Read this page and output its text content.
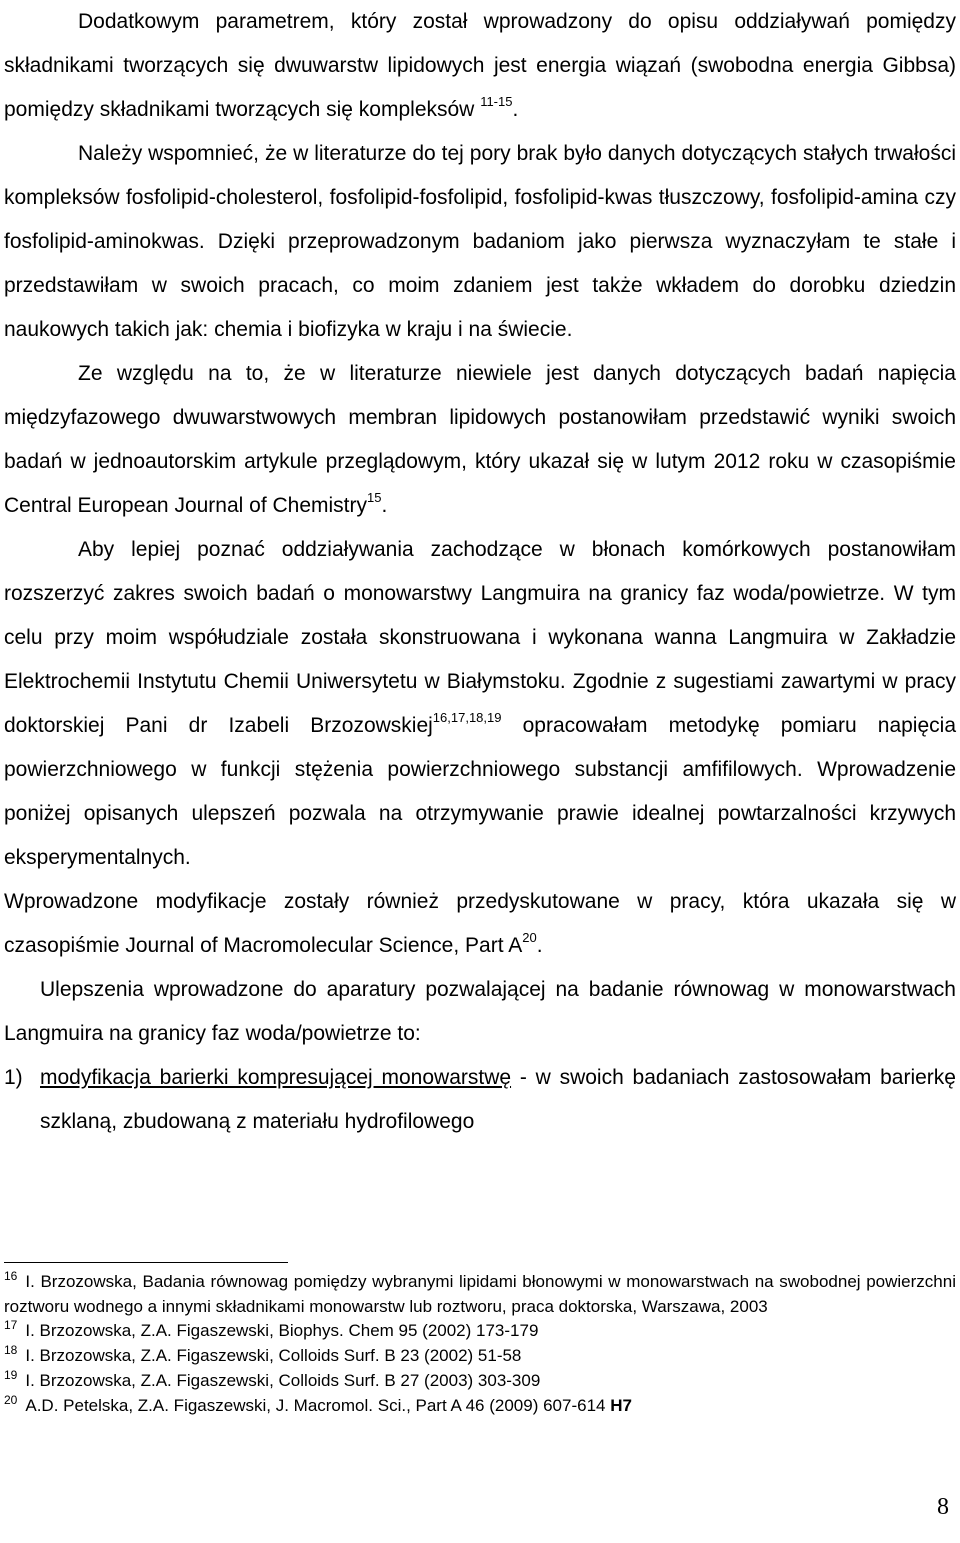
Dodatkowym parametrem, który został wprowadzony do opisu oddziaływań pomiędzy składnikami tworzących się dwuwarstw lipidowych jest energia wiązań (swobodna energia Gibbsa) pomiędzy składnikami tworzących się kompleksów $^{11-15}$.

Należy wspomnieć, że w literaturze do tej pory brak było danych dotyczących stałych trwałości kompleksów fosfolipid-cholesterol, fosfolipid-fosfolipid, fosfolipid-kwas tłuszczowy, fosfolipid-amina czy fosfolipid-aminokwas. Dzięki przeprowadzonym badaniom jako pierwsza wyznaczyłam te stałe i przedstawiłam w swoich pracach, co moim zdaniem jest także wkładem do dorobku dziedzin naukowych takich jak: chemia i biofizyka w kraju i na świecie.

Ze względu na to, że w literaturze niewiele jest danych dotyczących badań napięcia międzyfazowego dwuwarstwowych membran lipidowych postanowiłam przedstawić wyniki swoich badań w jednoautorskim artykule przeglądowym, który ukazał się w lutym 2012 roku w czasopiśmie Central European Journal of Chemistry$^{15}$.

Aby lepiej poznać oddziaływania zachodzące w błonach komórkowych postanowiłam rozszerzyć zakres swoich badań o monowarstwy Langmuira na granicy faz woda/powietrze. W tym celu przy moim współudziale została skonstruowana i wykonana wanna Langmuira w Zakładzie Elektrochemii Instytutu Chemii Uniwersytetu w Białymstoku. Zgodnie z sugestiami zawartymi w pracy doktorskiej Pani dr Izabeli Brzozowskiej$^{16,17,18,19}$ opracowałam metodykę pomiaru napięcia powierzchniowego w funkcji stężenia powierzchniowego substancji amfifilowych. Wprowadzenie poniżej opisanych ulepszeń pozwala na otrzymywanie prawie idealnej powtarzalności krzywych eksperymentalnych.

Wprowadzone modyfikacje zostały również przedyskutowane w pracy, która ukazała się w czasopiśmie Journal of Macromolecular Science, Part $A^{20}$.

Ulepszenia wprowadzone do aparatury pozwalającej na badanie równowag w monowarstwach Langmuira na granicy faz woda/powietrze to:

1) modyfikacja barierki kompresującej monowarstwę - w swoich badaniach zastosowałam barierkę szklaną, zbudowaną z materiału hydrofilowego

$^{16}$ I. Brzozowska, Badania równowag pomiędzy wybranymi lipidami błonowymi w monowarstwach na swobodnej powierzchni roztworu wodnego a innymi składnikami monowarstw lub roztworu, praca doktorska, Warszawa, 2003

$^{17}$ I. Brzozowska, Z.A. Figaszewski, Biophys. Chem 95 (2002) 173-179

$^{18}$ I. Brzozowska, Z.A. Figaszewski, Colloids Surf. B 23 (2002) 51-58

$^{19}$ I. Brzozowska, Z.A. Figaszewski, Colloids Surf. B 27 (2003) 303-309

$^{20}$ A.D. Petelska, Z.A. Figaszewski, J. Macromol. Sci., Part A 46 (2009) 607-614 H7

8
